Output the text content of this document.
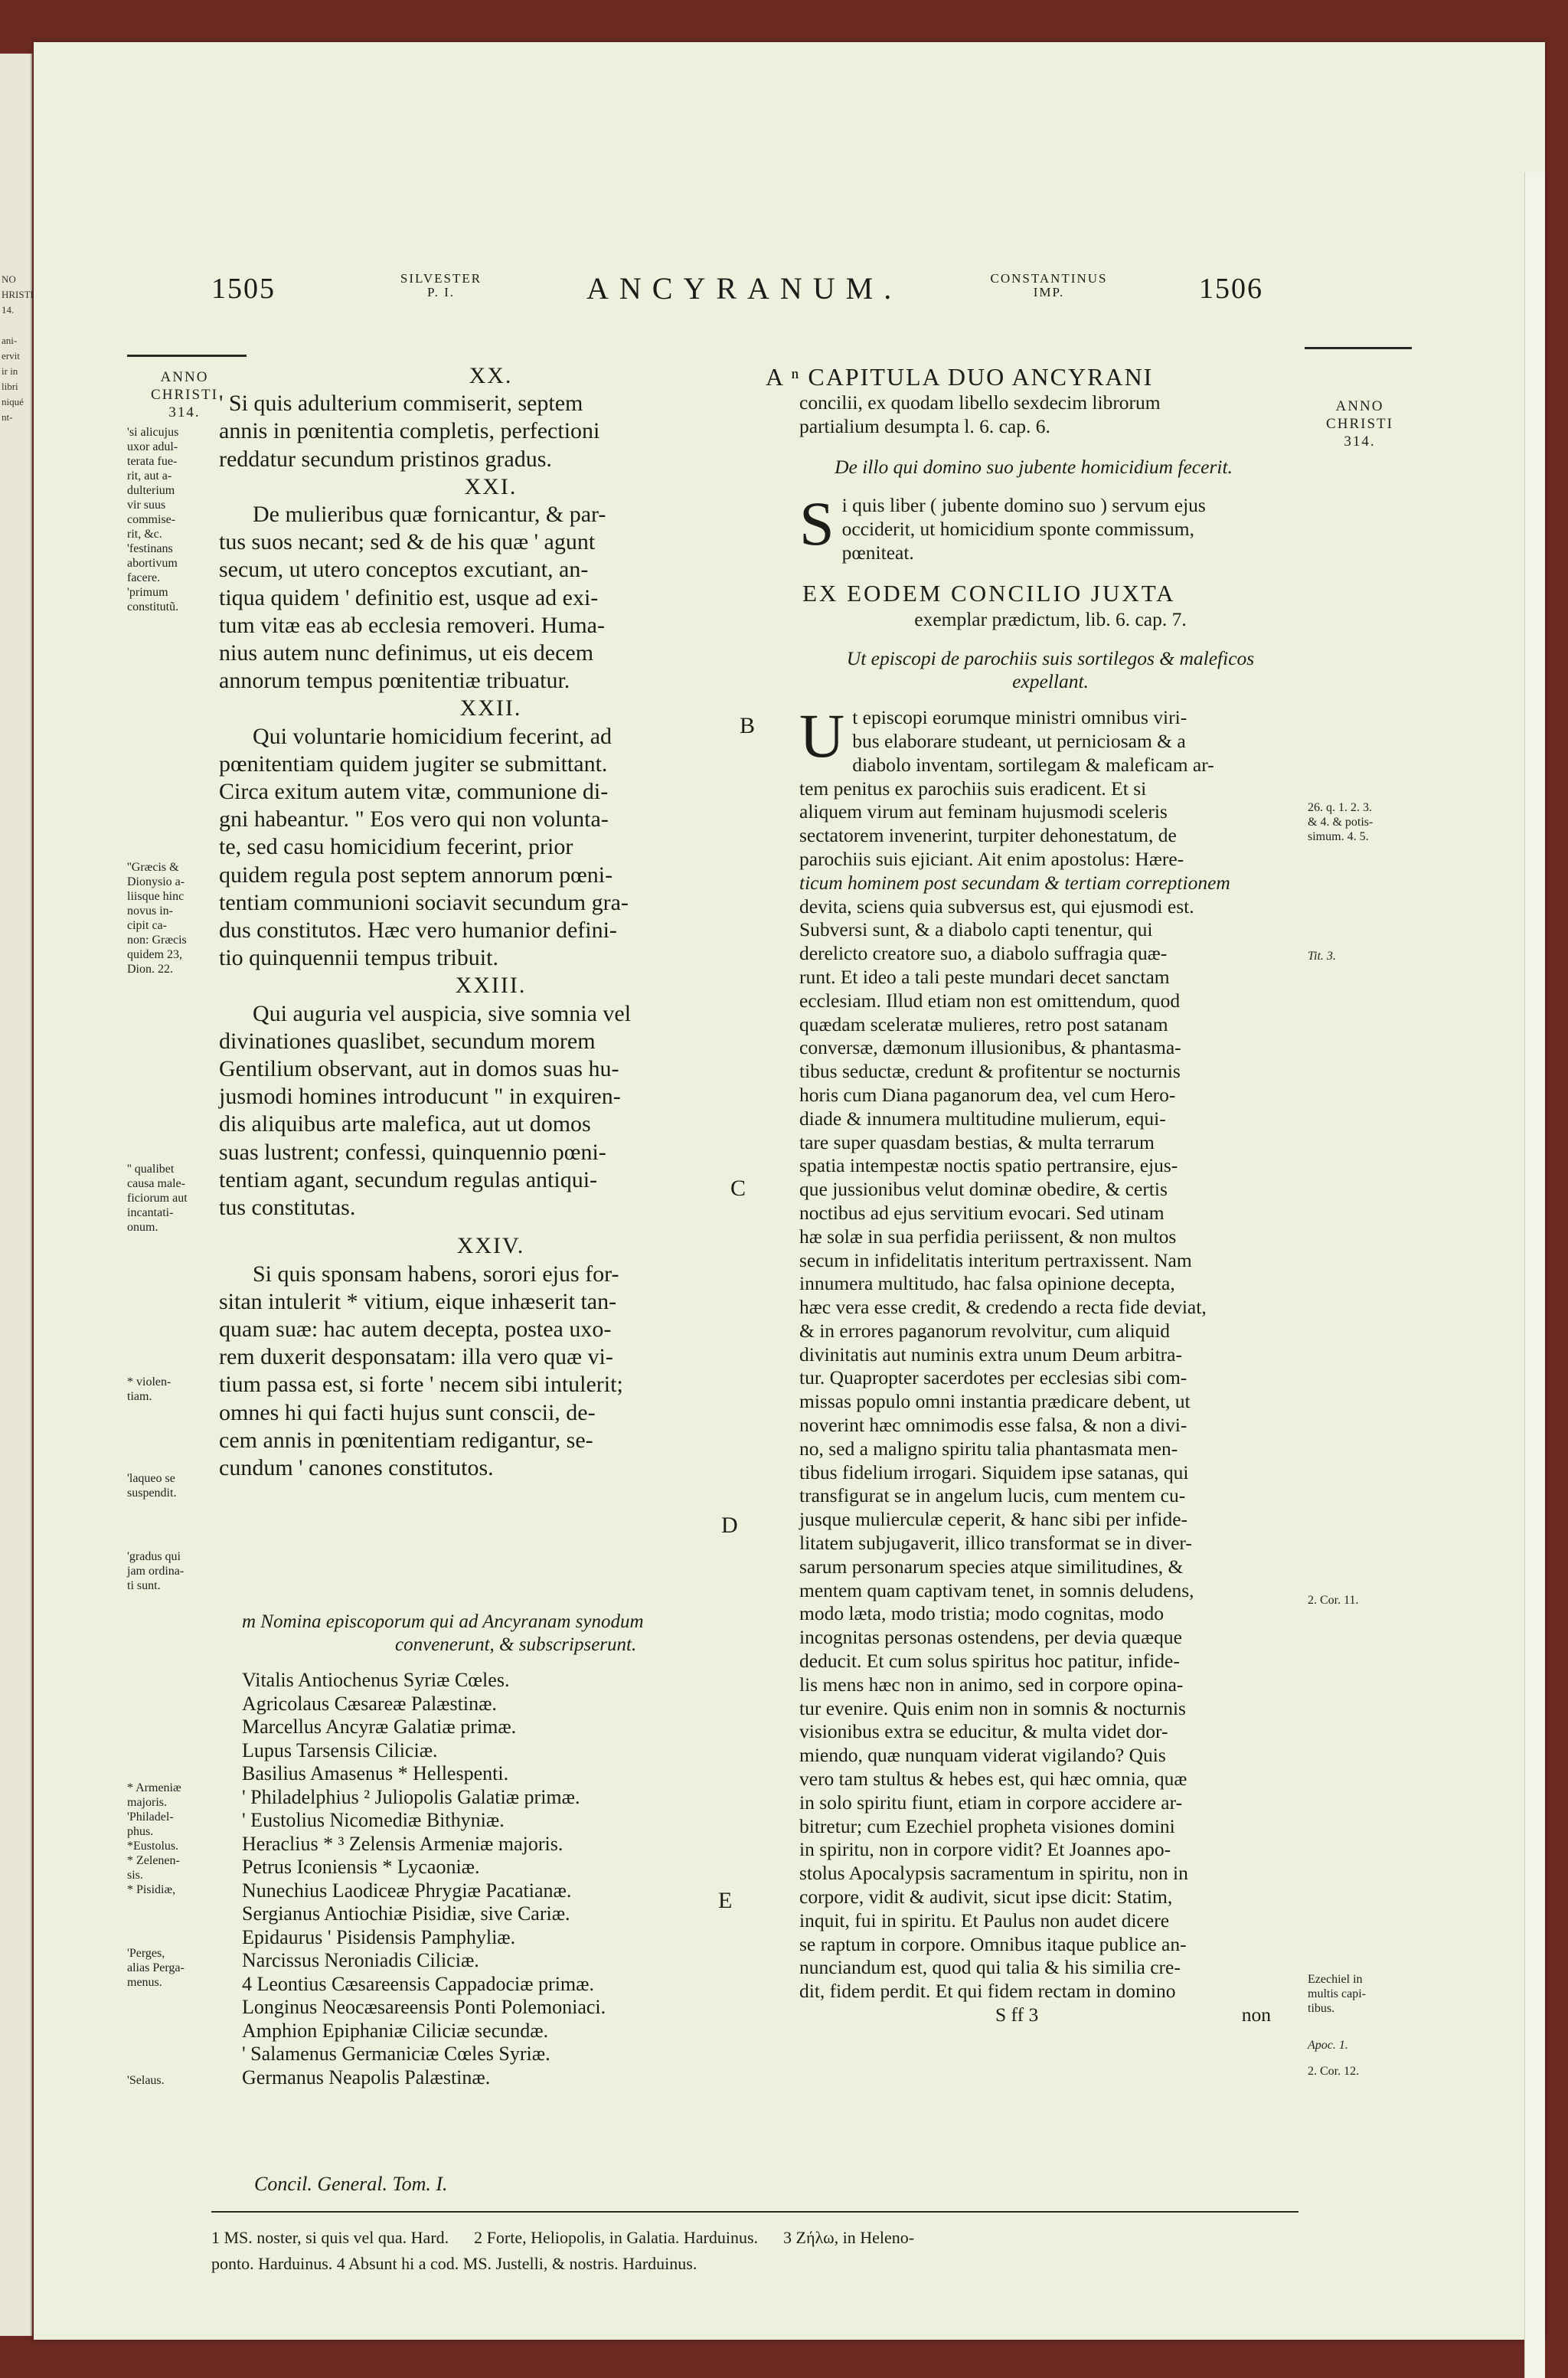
NO
HRISTI
14.
ani-
ervit
ir in
libri
niqué
nt-
1505	SILVESTER
P. I.	ANCYRANUM.	CONSTANTINUS
IMP.	1506
ANNO
CHRISTI
314.	ANNO
CHRISTI
314.
'si alicujus
uxor adul-
terata fue-
rit, aut a-
dulterium
vir suus
commise-
rit, &c.
'festinans
abortivum
facere.
'primum
constitutũ.
''Græcis &
Dionysio a-
liisque hinc
novus in-
cipit ca-
non: Græcis
quidem 23,
Dion. 22.
'' qualibet
causa male-
ficiorum aut
incantati-
onum.
* violen-
tiam.
'laqueo se
suspendit.
'gradus qui
jam ordina-
ti sunt.
* Armeniæ
majoris.
'Philadel-
phus.
*Eustolus.
* Zelenen-
sis.
* Pisidiæ,
'Perges,
alias Perga-
menus.
'Selaus.
XX.

' Si quis adulterium commiserit, septem

annis in pœnitentia completis, perfectioni

reddatur secundum pristinos gradus.

XXI.

De mulieribus quæ fornicantur, & par-

tus suos necant; sed & de his quæ ' agunt

secum, ut utero conceptos excutiant, an-

tiqua quidem ' definitio est, usque ad exi-

tum vitæ eas ab ecclesia removeri. Huma-

nius autem nunc definimus, ut eis decem

annorum tempus pœnitentiæ tribuatur.

XXII.

Qui voluntarie homicidium fecerint, ad

pœnitentiam quidem jugiter se submittant.

Circa exitum autem vitæ, communione di-

gni habeantur. " Eos vero qui non volunta-

te, sed casu homicidium fecerint, prior

quidem regula post septem annorum pœni-

tentiam communioni sociavit secundum gra-

dus constitutos. Hæc vero humanior defini-

tio quinquennii tempus tribuit.

XXIII.

Qui auguria vel auspicia, sive somnia vel

divinationes quaslibet, secundum morem

Gentilium observant, aut in domos suas hu-

jusmodi homines introducunt " in exquiren-

dis aliquibus arte malefica, aut ut domos

suas lustrent; confessi, quinquennio pœni-

tentiam agant, secundum regulas antiqui-

tus constitutas.

XXIV.

Si quis sponsam habens, sorori ejus for-

sitan intulerit * vitium, eique inhæserit tan-

quam suæ: hac autem decepta, postea uxo-

rem duxerit desponsatam: illa vero quæ vi-

tium passa est, si forte ' necem sibi intulerit;

omnes hi qui facti hujus sunt conscii, de-

cem annis in pœnitentiam redigantur, se-

cundum ' canones constitutos.

m Nomina episcoporum qui ad Ancyranam synodum
convenerunt, & subscripserunt.
Vitalis Antiochenus Syriæ Cœles.
Agricolaus Cæsareæ Palæstinæ.
Marcellus Ancyræ Galatiæ primæ.
Lupus Tarsensis Ciliciæ.
Basilius Amasenus * Hellespenti.
' Philadelphius ² Juliopolis Galatiæ primæ.
' Eustolius Nicomediæ Bithyniæ.
Heraclius * ³ Zelensis Armeniæ majoris.
Petrus Iconiensis * Lycaoniæ.
Nunechius Laodiceæ Phrygiæ Pacatianæ.
Sergianus Antiochiæ Pisidiæ, sive Cariæ.
Epidaurus ' Pisidensis Pamphyliæ.
Narcissus Neroniadis Ciliciæ.
4 Leontius Cæsareensis Cappadociæ primæ.
Longinus Neocæsareensis Ponti Polemoniaci.
Amphion Epiphaniæ Ciliciæ secundæ.
' Salamenus Germaniciæ Cœles Syriæ.
Germanus Neapolis Palæstinæ.
Concil. General. Tom. I.
B
C
D
E
A ⁿ CAPITULA DUO ANCYRANI
concilii, ex quodam libello sexdecim librorum
partialium desumpta l. 6. cap. 6.
De illo qui domino suo jubente homicidium fecerit.
S i quis liber ( jubente domino suo ) servum ejus

occiderit, ut homicidium sponte commissum,

pœniteat.

EX EODEM CONCILIO JUXTA
exemplar prædictum, lib. 6. cap. 7.
Ut episcopi de parochiis suis sortilegos & maleficos
expellant.
U t episcopi eorumque ministri omnibus viri-

bus elaborare studeant, ut perniciosam & a

diabolo inventam, sortilegam & maleficam ar-

tem penitus ex parochiis suis eradicent. Et si

aliquem virum aut feminam hujusmodi sceleris

sectatorem invenerint, turpiter dehonestatum, de

parochiis suis ejiciant. Ait enim apostolus: Hære-

ticum hominem post secundam & tertiam correptionem

devita, sciens quia subversus est, qui ejusmodi est.

Subversi sunt, & a diabolo capti tenentur, qui

derelicto creatore suo, a diabolo suffragia quæ-

runt. Et ideo a tali peste mundari decet sanctam

ecclesiam. Illud etiam non est omittendum, quod

quædam sceleratæ mulieres, retro post satanam

conversæ, dæmonum illusionibus, & phantasma-

tibus seductæ, credunt & profitentur se nocturnis

horis cum Diana paganorum dea, vel cum Hero-

diade & innumera multitudine mulierum, equi-

tare super quasdam bestias, & multa terrarum

spatia intempestæ noctis spatio pertransire, ejus-

que jussionibus velut dominæ obedire, & certis

noctibus ad ejus servitium evocari. Sed utinam

hæ solæ in sua perfidia periissent, & non multos

secum in infidelitatis interitum pertraxissent. Nam

innumera multitudo, hac falsa opinione decepta,

hæc vera esse credit, & credendo a recta fide deviat,

& in errores paganorum revolvitur, cum aliquid

divinitatis aut numinis extra unum Deum arbitra-

tur. Quapropter sacerdotes per ecclesias sibi com-

missas populo omni instantia prædicare debent, ut

noverint hæc omnimodis esse falsa, & non a divi-

no, sed a maligno spiritu talia phantasmata men-

tibus fidelium irrogari. Siquidem ipse satanas, qui

transfigurat se in angelum lucis, cum mentem cu-

jusque mulierculæ ceperit, & hanc sibi per infide-

litatem subjugaverit, illico transformat se in diver-

sarum personarum species atque similitudines, &

mentem quam captivam tenet, in somnis deludens,

modo læta, modo tristia; modo cognitas, modo

incognitas personas ostendens, per devia quæque

deducit. Et cum solus spiritus hoc patitur, infide-

lis mens hæc non in animo, sed in corpore opina-

tur evenire. Quis enim non in somnis & nocturnis

visionibus extra se educitur, & multa videt dor-

miendo, quæ nunquam viderat vigilando? Quis

vero tam stultus & hebes est, qui hæc omnia, quæ

in solo spiritu fiunt, etiam in corpore accidere ar-

bitretur; cum Ezechiel propheta visiones domini

in spiritu, non in corpore vidit? Et Joannes apo-

stolus Apocalypsis sacramentum in spiritu, non in

corpore, vidit & audivit, sicut ipse dicit: Statim,

inquit, fui in spiritu. Et Paulus non audet dicere

se raptum in corpore. Omnibus itaque publice an-

nunciandum est, quod qui talia & his similia cre-

dit, fidem perdit. Et qui fidem rectam in domino

S ff 3	non
26. q. 1. 2. 3.
& 4. & potis-
simum. 4. 5.
Tit. 3.
2. Cor. 11.
Ezechiel in
multis capi-
tibus.
Apoc. 1.
2. Cor. 12.
1 MS. noster, si quis vel qua. Hard.      2 Forte, Heliopolis, in Galatia. Harduinus.      3 Ζήλω, in Heleno-
ponto. Harduinus. 4 Absunt hi a cod. MS. Justelli, & nostris. Harduinus.
